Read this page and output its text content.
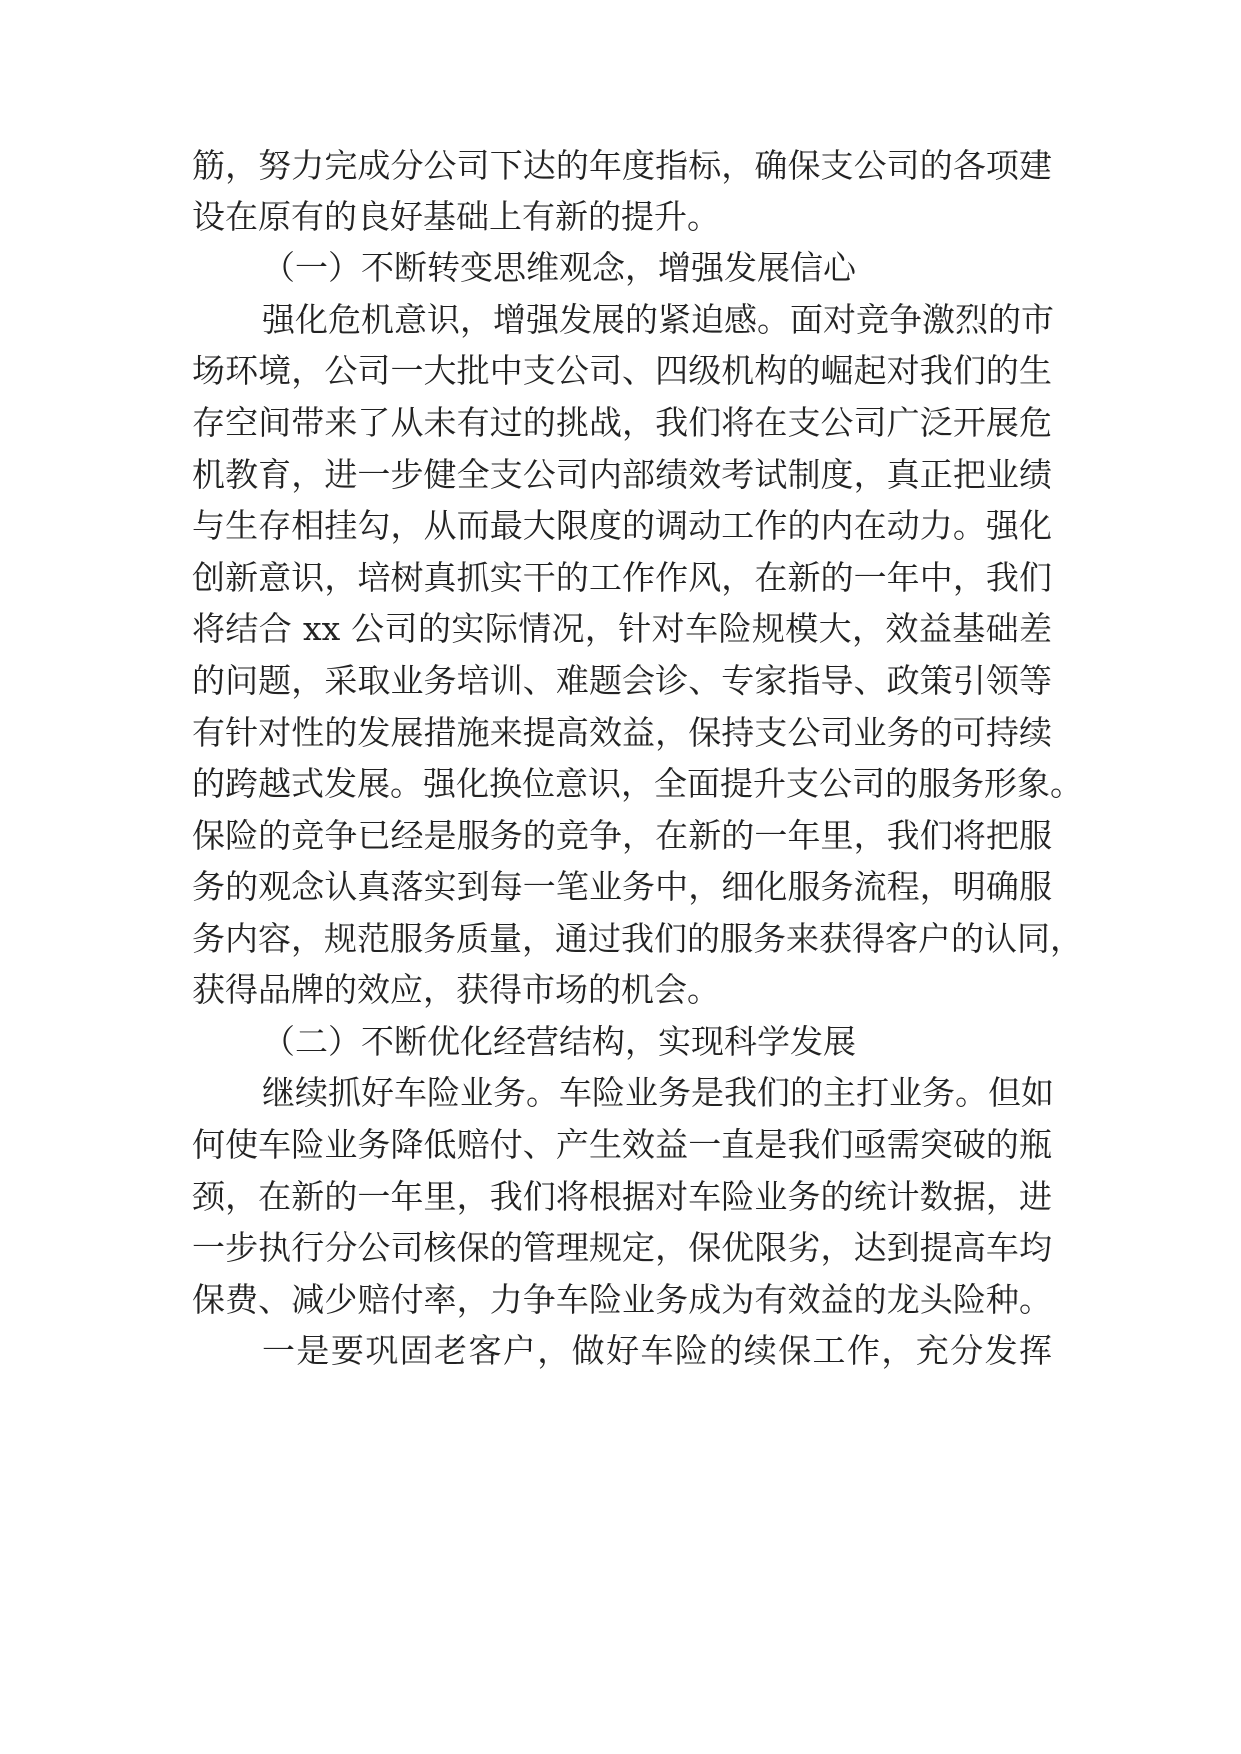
筋，努力完成分公司下达的年度指标，确保支公司的各项建
设在原有的良好基础上有新的提升。
（一）不断转变思维观念，增强发展信心
强化危机意识，增强发展的紧迫感。面对竞争激烈的市
场环境，公司一大批中支公司、四级机构的崛起对我们的生
存空间带来了从未有过的挑战，我们将在支公司广泛开展危
机教育，进一步健全支公司内部绩效考试制度，真正把业绩
与生存相挂勾，从而最大限度的调动工作的内在动力。强化
创新意识，培树真抓实干的工作作风，在新的一年中，我们
将结合 xx 公司的实际情况，针对车险规模大，效益基础差
的问题，采取业务培训、难题会诊、专家指导、政策引领等
有针对性的发展措施来提高效益，保持支公司业务的可持续
的跨越式发展。强化换位意识，全面提升支公司的服务形象。
保险的竞争已经是服务的竞争，在新的一年里，我们将把服
务的观念认真落实到每一笔业务中，细化服务流程，明确服
务内容，规范服务质量，通过我们的服务来获得客户的认同，
获得品牌的效应，获得市场的机会。
（二）不断优化经营结构，实现科学发展
继续抓好车险业务。车险业务是我们的主打业务。但如
何使车险业务降低赔付、产生效益一直是我们亟需突破的瓶
颈，在新的一年里，我们将根据对车险业务的统计数据，进
一步执行分公司核保的管理规定，保优限劣，达到提高车均
保费、减少赔付率，力争车险业务成为有效益的龙头险种。
一是要巩固老客户，做好车险的续保工作，充分发挥
